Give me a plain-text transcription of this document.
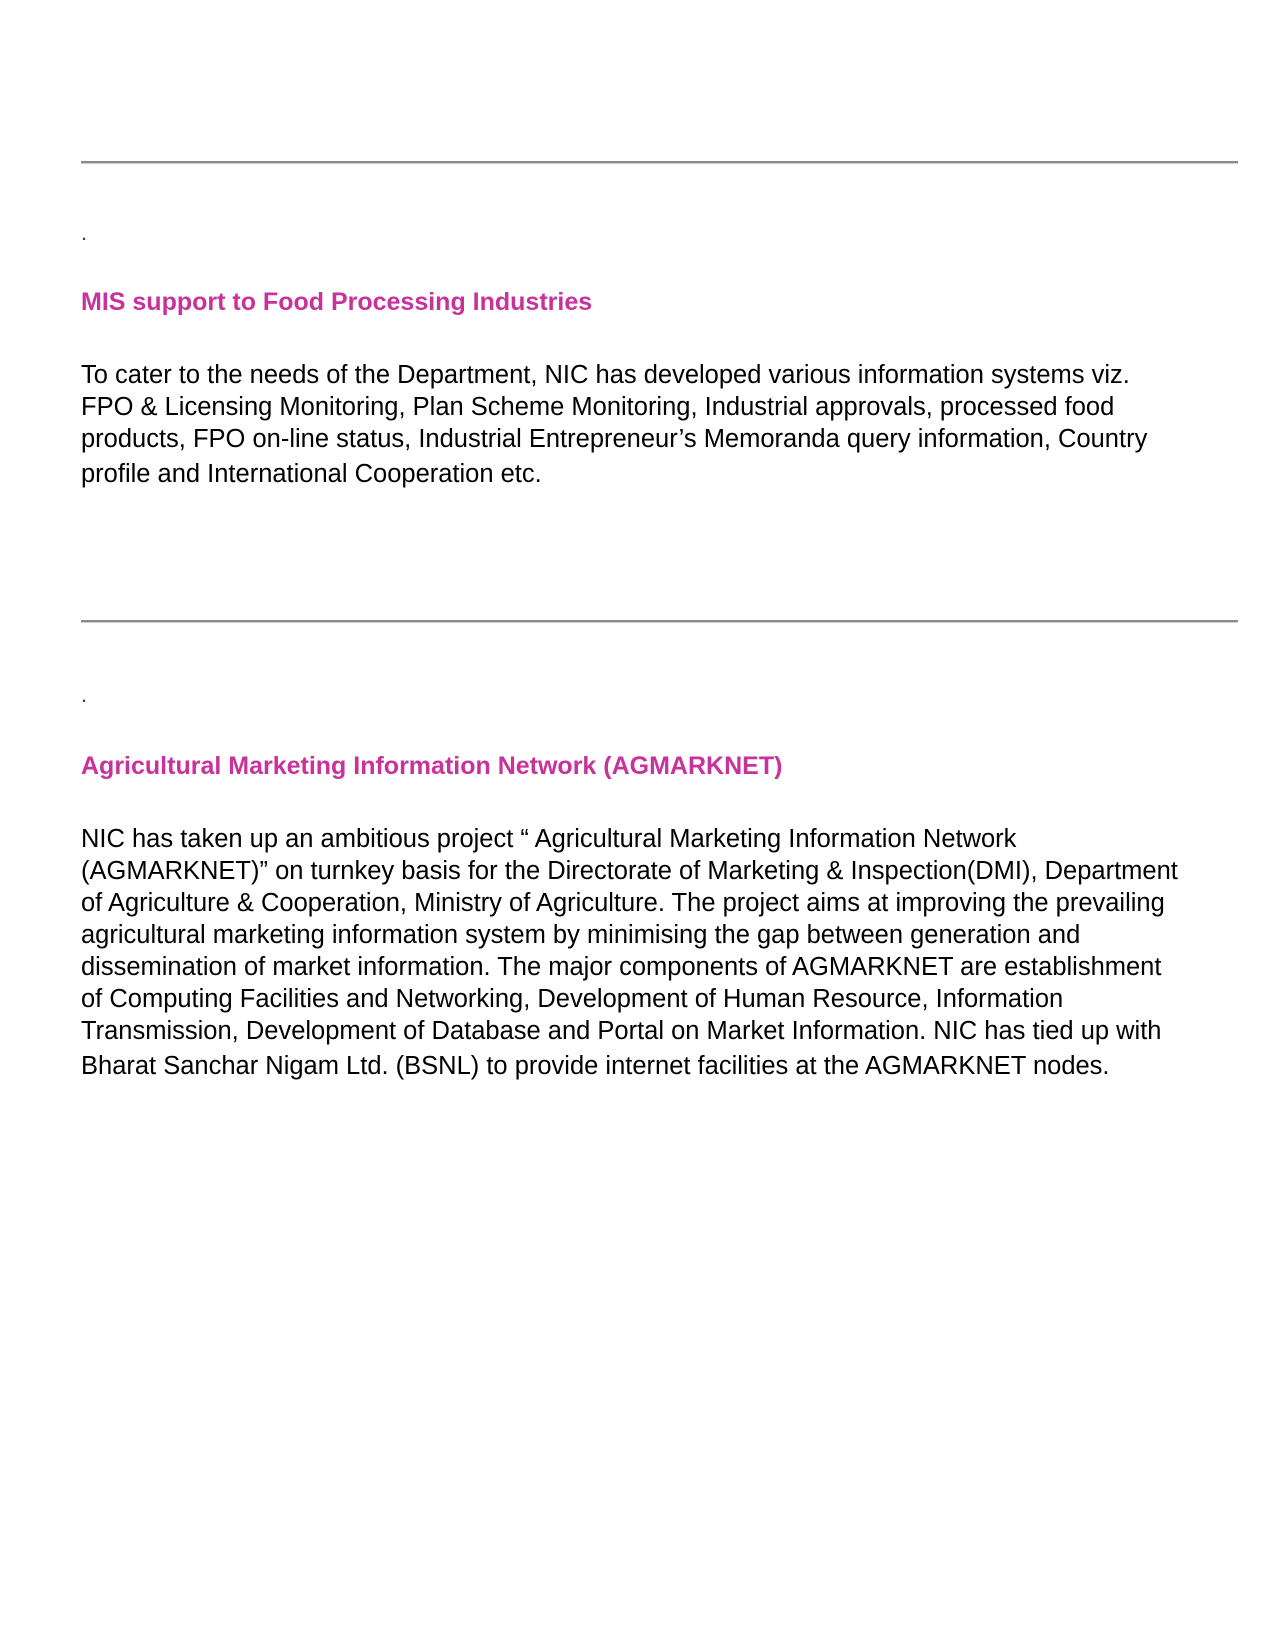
.
MIS support to Food Processing Industries
To cater to the needs of the Department, NIC has developed various information systems viz.
FPO & Licensing Monitoring, Plan Scheme Monitoring, Industrial approvals, processed food
products, FPO on-line status, Industrial Entrepreneur’s Memoranda query information, Country
profile and International Cooperation etc.
.
Agricultural Marketing Information Network (AGMARKNET)
NIC has taken up an ambitious project “ Agricultural Marketing Information Network
(AGMARKNET)” on turnkey basis for the Directorate of Marketing & Inspection(DMI), Department
of Agriculture & Cooperation, Ministry of Agriculture. The project aims at improving the prevailing
agricultural marketing information system by minimising the gap between generation and
dissemination of market information. The major components of AGMARKNET are establishment
of Computing Facilities and Networking, Development of Human Resource, Information
Transmission, Development of Database and Portal on Market Information. NIC has tied up with
Bharat Sanchar Nigam Ltd. (BSNL) to provide internet facilities at the AGMARKNET nodes.
